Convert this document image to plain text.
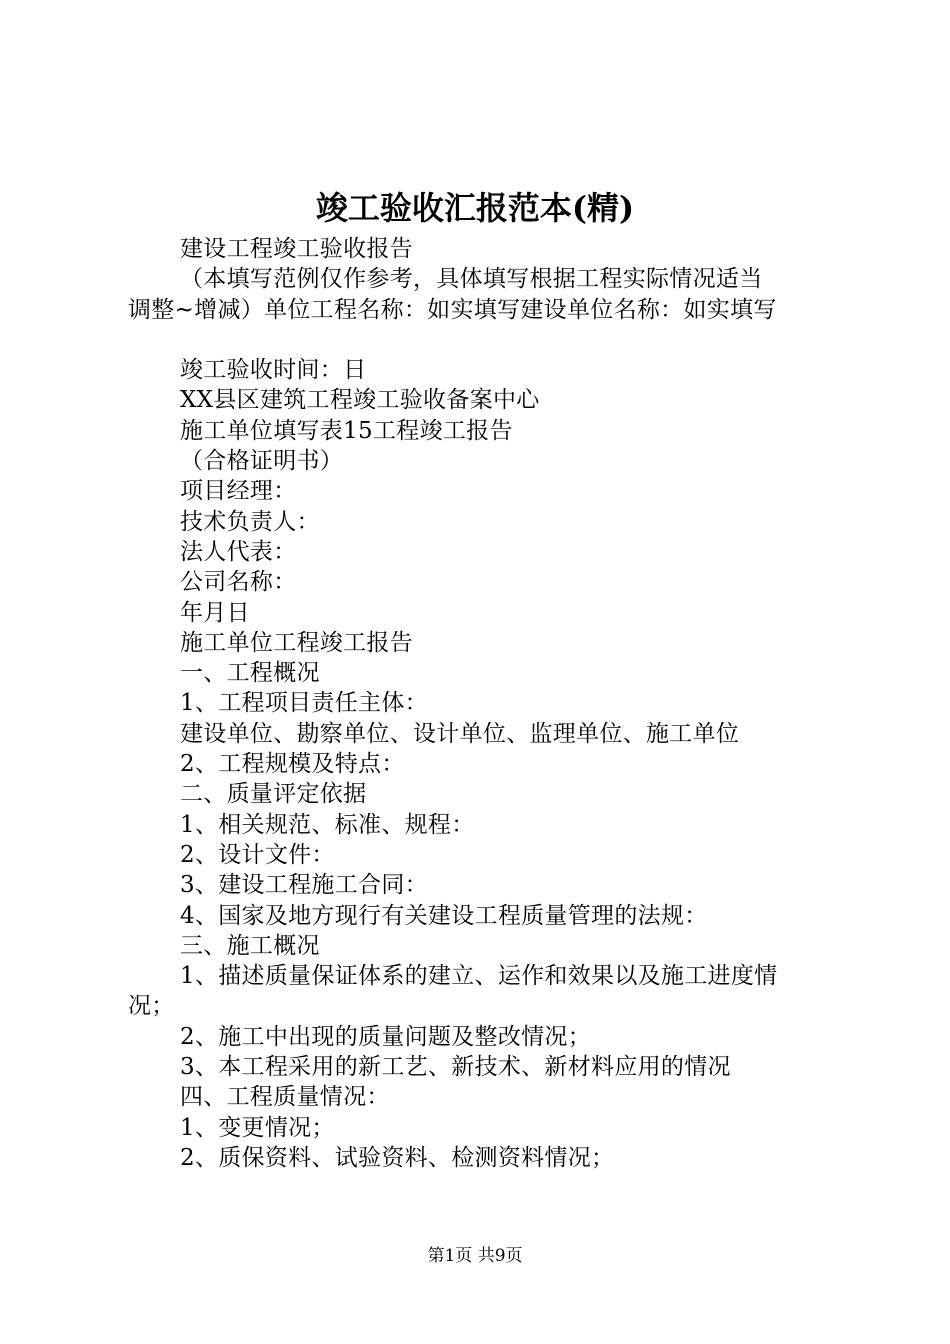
竣工验收汇报范本(精)
建设工程竣工验收报告
（本填写范例仅作参考，具体填写根据工程实际情况适当
调整~增减）单位工程名称：如实填写建设单位名称：如实填写
竣工验收时间：日
XX县区建筑工程竣工验收备案中心
施工单位填写表15工程竣工报告
（合格证明书）
项目经理：
技术负责人：
法人代表：
公司名称：
年月日
施工单位工程竣工报告
一、工程概况
1、工程项目责任主体：
建设单位、勘察单位、设计单位、监理单位、施工单位
2、工程规模及特点：
二、质量评定依据
1、相关规范、标准、规程：
2、设计文件：
3、建设工程施工合同：
4、国家及地方现行有关建设工程质量管理的法规：
三、施工概况
1、描述质量保证体系的建立、运作和效果以及施工进度情
况；
2、施工中出现的质量问题及整改情况；
3、本工程采用的新工艺、新技术、新材料应用的情况
四、工程质量情况：
1、变更情况；
2、质保资料、试验资料、检测资料情况；
第1页 共9页
